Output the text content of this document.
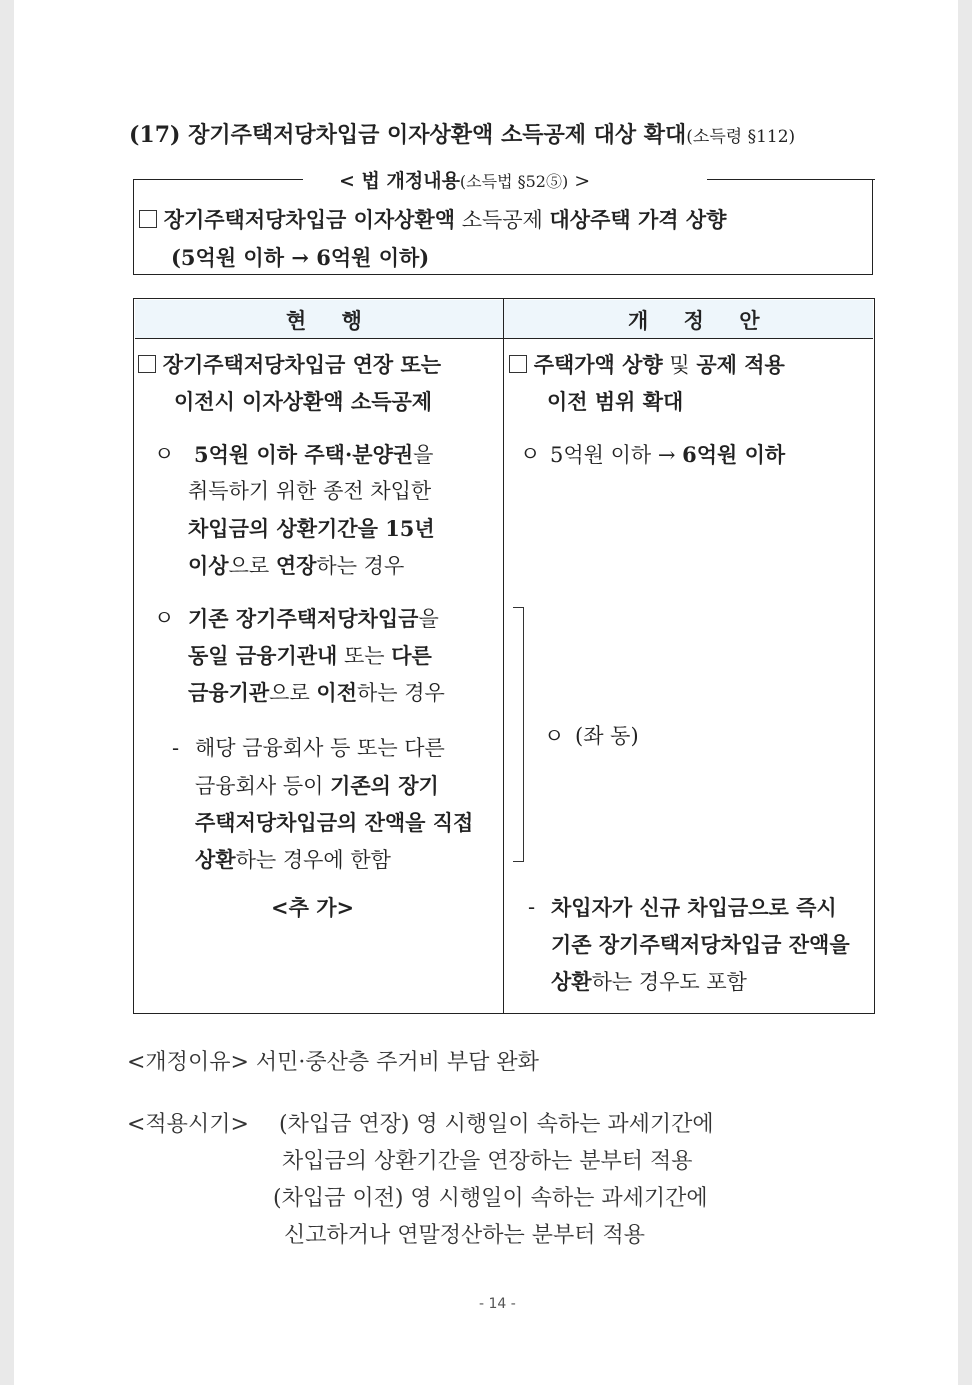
(17) 장기주택저당차입금 이자상환액 소득공제 대상 확대(소득령 §112)
< 법 개정내용(소득법 §52⑤) >
장기주택저당차입금 이자상환액 소득공제 대상주택 가격 상향
(5억원 이하 → 6억원 이하)
현 행	개 정 안
장기주택저당차입금 연장 또는
이전시 이자상환액 소득공제
ㅇ 5억원 이하 주택·분양권을
취득하기 위한 종전 차입한
차입금의 상환기간을 15년
이상으로 연장하는 경우
ㅇ 기존 장기주택저당차입금을
동일 금융기관내 또는 다른
금융기관으로 이전하는 경우
- 해당 금융회사 등 또는 다른
금융회사 등이 기존의 장기
주택저당차입금의 잔액을 직접
상환하는 경우에 한함
<추 가>
주택가액 상향 및 공제 적용
이전 범위 확대
ㅇ 5억원 이하 → 6억원 이하
ㅇ (좌 동)
- 차입자가 신규 차입금으로 즉시
기존 장기주택저당차입금 잔액을
상환하는 경우도 포함
<개정이유> 서민·중산층 주거비 부담 완화
<적용시기> (차입금 연장) 영 시행일이 속하는 과세기간에
차입금의 상환기간을 연장하는 분부터 적용
(차입금 이전) 영 시행일이 속하는 과세기간에
신고하거나 연말정산하는 분부터 적용
- 14 -
